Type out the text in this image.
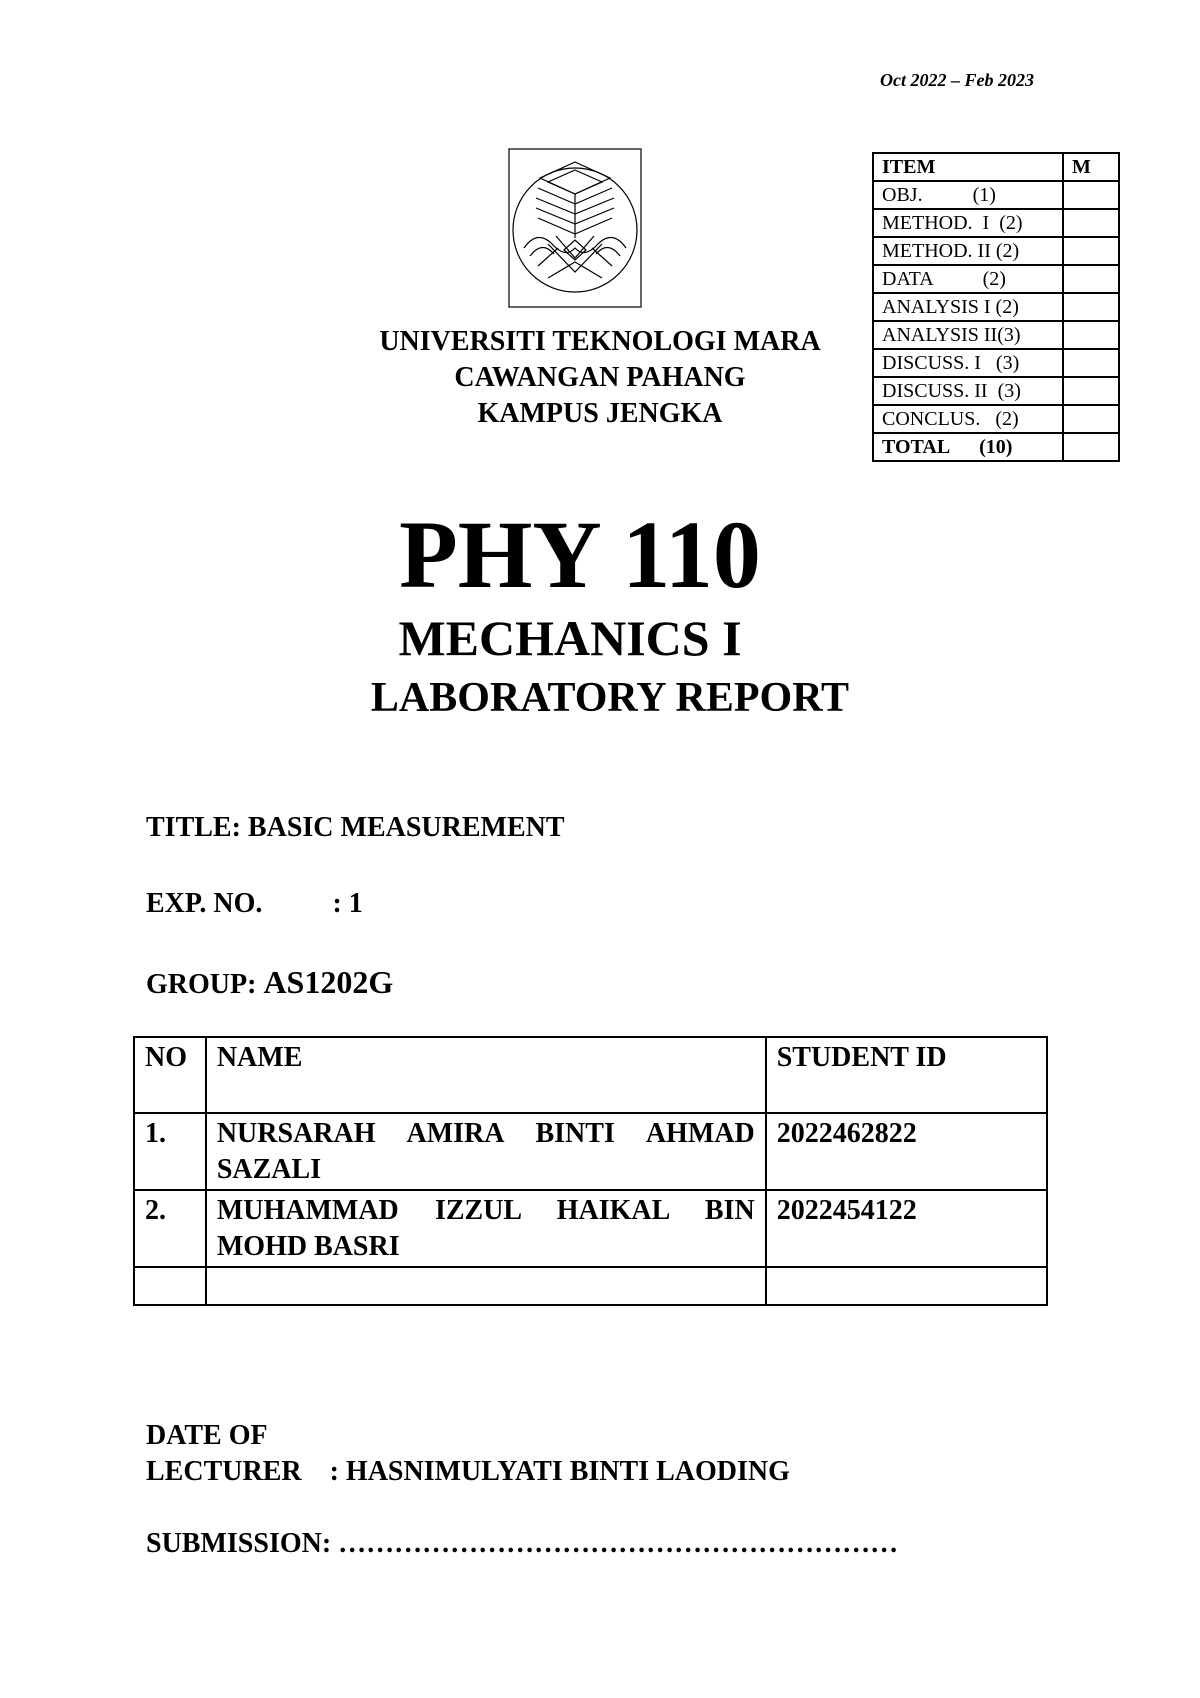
Oct 2022 – Feb 2023
UNIVERSITI TEKNOLOGI MARA
CAWANGAN PAHANG
KAMPUS JENGKA
ITEM	M
OBJ.          (1)	
METHOD.  I  (2)	
METHOD. II (2)	
DATA          (2)	
ANALYSIS I (2)	
ANALYSIS II(3)	
DISCUSS. I   (3)	
DISCUSS. II  (3)	
CONCLUS.   (2)	
TOTAL      (10)	
PHY 110
MECHANICS I
LABORATORY REPORT
TITLE: BASIC MEASUREMENT
EXP. NO.          : 1
GROUP: AS1202G
NO	NAME	STUDENT ID
1.	NURSARAH AMIRA BINTI AHMAD SAZALI	2022462822
2.	MUHAMMAD IZZUL HAIKAL BIN MOHD BASRI	2022454122

DATE OF

SUBMISSION: ……………………………………………………

LECTURER    : HASNIMULYATI BINTI LAODING
